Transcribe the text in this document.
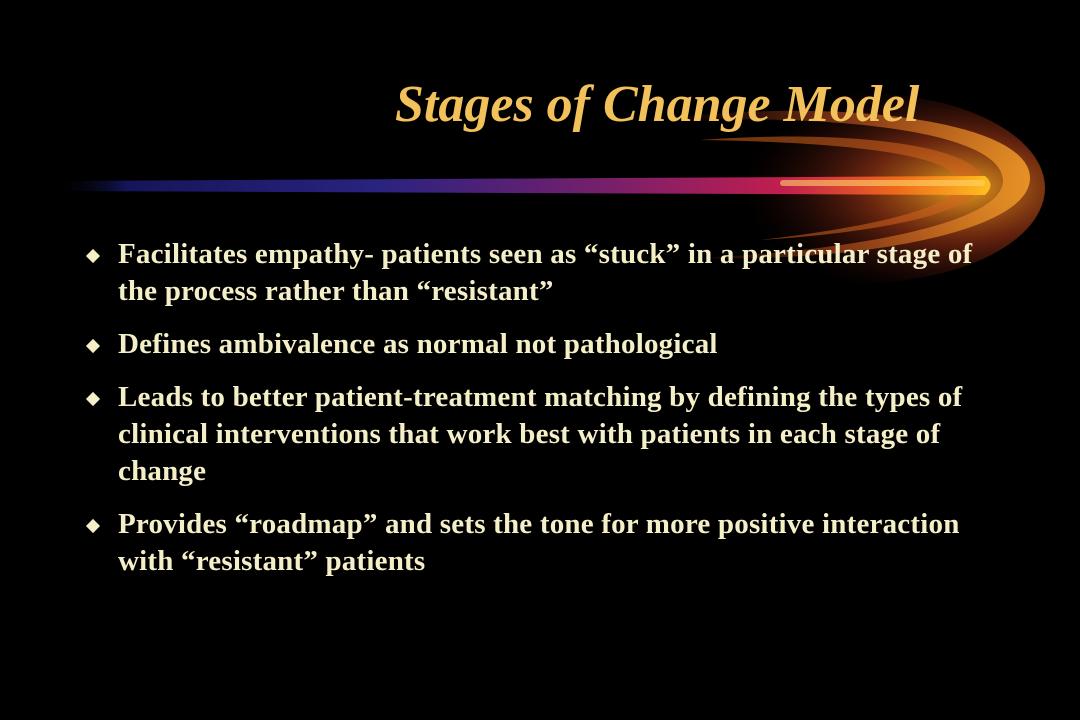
Stages of Change Model
Facilitates empathy- patients seen as “stuck” in a particular stage of the process rather than “resistant”
Defines ambivalence as normal not pathological
Leads to better patient-treatment matching by defining the types of clinical interventions that work best with patients in each stage of change
Provides “roadmap” and sets the tone for more positive interaction with “resistant” patients
